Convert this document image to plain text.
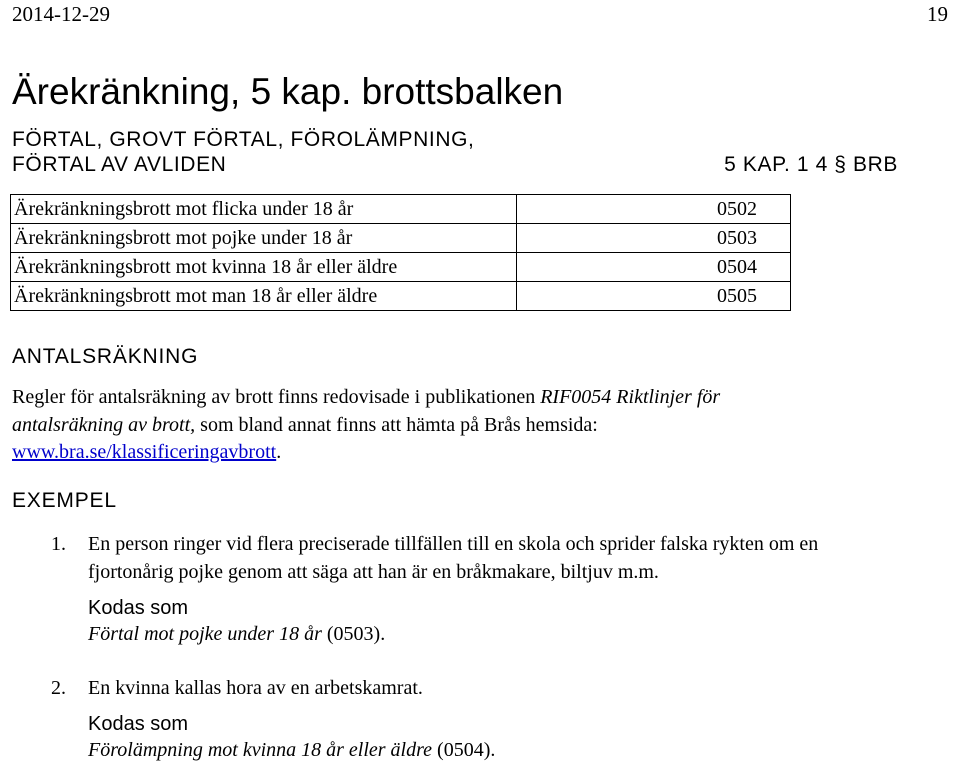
2014-12-29	19
Ärekränkning, 5 kap. brottsbalken
FÖRTAL, GROVT FÖRTAL, FÖROLÄMPNING,
FÖRTAL AV AVLIDEN	5 KAP. 1 4 § BRB
Ärekränkningsbrott mot flicka under 18 år	0502
Ärekränkningsbrott mot pojke under 18 år	0503
Ärekränkningsbrott mot kvinna 18 år eller äldre	0504
Ärekränkningsbrott mot man 18 år eller äldre	0505
ANTALSRÄKNING
Regler för antalsräkning av brott finns redovisade i publikationen RIF0054 Riktlinjer för
antalsräkning av brott, som bland annat finns att hämta på Brås hemsida:
www.bra.se/klassificeringavbrott.
EXEMPEL
1. En person ringer vid flera preciserade tillfällen till en skola och sprider falska rykten om en
fjortonårig pojke genom att säga att han är en bråkmakare, biltjuv m.m.
Kodas som
Förtal mot pojke under 18 år (0503).
2. En kvinna kallas hora av en arbetskamrat.
Kodas som
Förolämpning mot kvinna 18 år eller äldre (0504).
